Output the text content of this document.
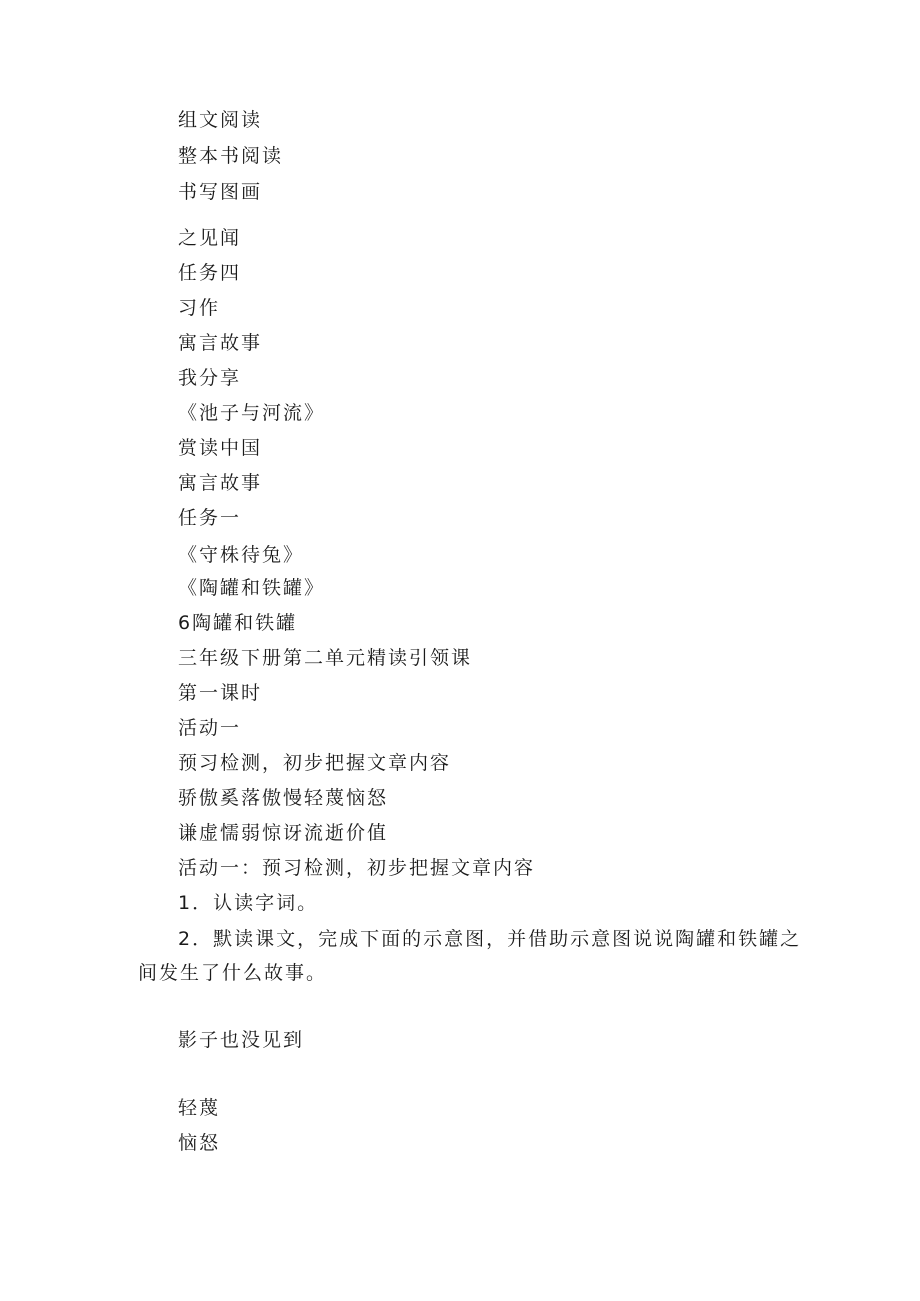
组文阅读
整本书阅读
书写图画
之见闻
任务四
习作
寓言故事
我分享
《池子与河流》
赏读中国
寓言故事
任务一
《守株待兔》
《陶罐和铁罐》
6陶罐和铁罐
三年级下册第二单元精读引领课
第一课时
活动一
预习检测，初步把握文章内容
骄傲奚落傲慢轻蔑恼怒
谦虚懦弱惊讶流逝价值
活动一：预习检测，初步把握文章内容
1．认读字词。
2．默读课文，完成下面的示意图，并借助示意图说说陶罐和铁罐之
间发生了什么故事。
影子也没见到
轻蔑
恼怒
